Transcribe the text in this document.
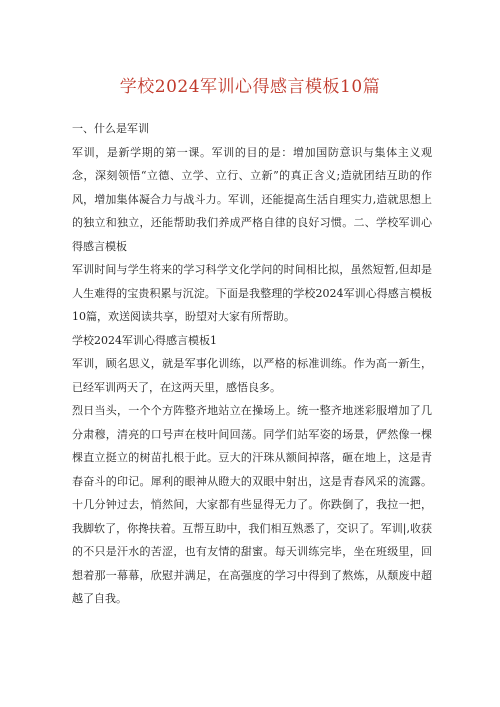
学校2024军训心得感言模板10篇

一、什么是军训

军训，是新学期的第一课。军训的目的是：增加国防意识与集体主义观念，深刻领悟“立德、立学、立行、立新”的真正含义;造就团结互助的作风，增加集体凝合力与战斗力。军训，还能提高生活自理实力,造就思想上的独立和独立，还能帮助我们养成严格自律的良好习惯。二、学校军训心得感言模板

军训时间与学生将来的学习科学文化学问的时间相比拟，虽然短暂,但却是人生难得的宝贵积累与沉淀。下面是我整理的学校2024军训心得感言模板10篇，欢送阅读共享，盼望对大家有所帮助。

学校2024军训心得感言模板1

军训，顾名思义，就是军事化训练，以严格的标准训练。作为高一新生，已经军训两天了，在这两天里，感悟良多。

烈日当头，一个个方阵整齐地站立在操场上。统一整齐地迷彩服增加了几分肃穆，清亮的口号声在枝叶间回荡。同学们站军姿的场景，俨然像一棵棵直立挺立的树苗扎根于此。豆大的汗珠从额间掉落，砸在地上，这是青春奋斗的印记。犀利的眼神从瞪大的双眼中射出，这是青春风采的流露。十几分钟过去，悄然间，大家都有些显得无力了。你跌倒了，我拉一把，我脚软了，你搀扶着。互帮互助中，我们相互熟悉了，交识了。军训|,收获的不只是汗水的苦涩，也有友情的甜蜜。每天训练完毕，坐在班级里，回想着那一幕幕，欣慰并满足，在高强度的学习中得到了熬炼，从颓废中超越了自我。
